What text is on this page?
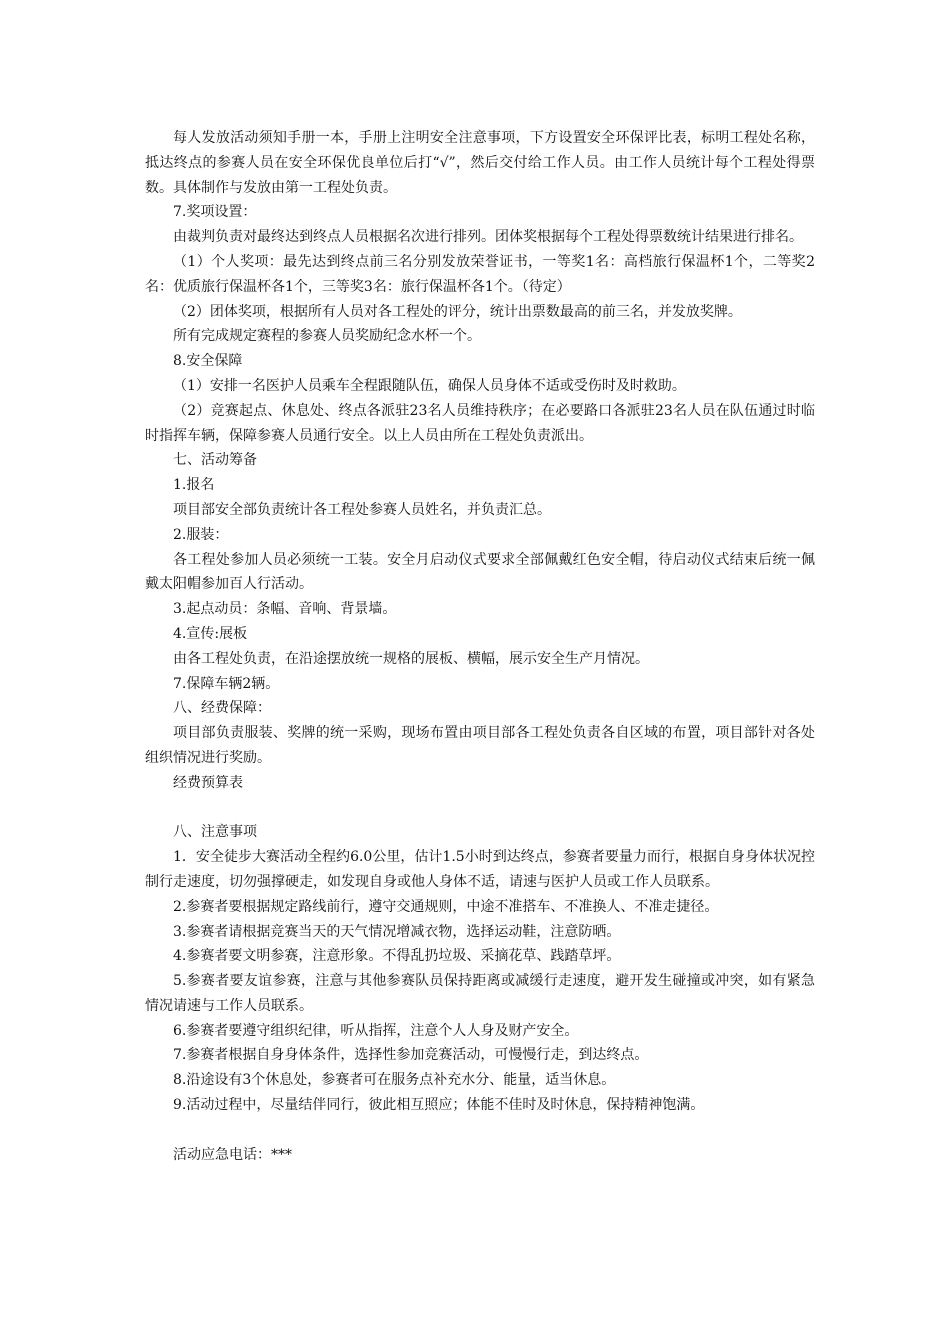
每人发放活动须知手册一本，手册上注明安全注意事项，下方设置安全环保评比表，标明工程处名称，抵达终点的参赛人员在安全环保优良单位后打“√”，然后交付给工作人员。由工作人员统计每个工程处得票数。具体制作与发放由第一工程处负责。

7.奖项设置：

由裁判负责对最终达到终点人员根据名次进行排列。团体奖根据每个工程处得票数统计结果进行排名。

（1）个人奖项：最先达到终点前三名分别发放荣誉证书，一等奖1名：高档旅行保温杯1个，二等奖2名：优质旅行保温杯各1个，三等奖3名：旅行保温杯各1个。（待定）

（2）团体奖项，根据所有人员对各工程处的评分，统计出票数最高的前三名，并发放奖牌。

所有完成规定赛程的参赛人员奖励纪念水杯一个。

8.安全保障

（1）安排一名医护人员乘车全程跟随队伍，确保人员身体不适或受伤时及时救助。

（2）竞赛起点、休息处、终点各派驻23名人员维持秩序；在必要路口各派驻23名人员在队伍通过时临时指挥车辆，保障参赛人员通行安全。以上人员由所在工程处负责派出。

七、活动筹备

1.报名

项目部安全部负责统计各工程处参赛人员姓名，并负责汇总。

2.服装：

各工程处参加人员必须统一工装。安全月启动仪式要求全部佩戴红色安全帽，待启动仪式结束后统一佩戴太阳帽参加百人行活动。

3.起点动员：条幅、音响、背景墙。

4.宣传:展板

由各工程处负责，在沿途摆放统一规格的展板、横幅，展示安全生产月情况。

7.保障车辆2辆。

八、经费保障：

项目部负责服装、奖牌的统一采购，现场布置由项目部各工程处负责各自区域的布置，项目部针对各处组织情况进行奖励。

经费预算表

八、注意事项

1．安全徒步大赛活动全程约6.0公里，估计1.5小时到达终点，参赛者要量力而行，根据自身身体状况控制行走速度，切勿强撑硬走，如发现自身或他人身体不适，请速与医护人员或工作人员联系。

2.参赛者要根据规定路线前行，遵守交通规则，中途不准搭车、不准换人、不准走捷径。

3.参赛者请根据竞赛当天的天气情况增减衣物，选择运动鞋，注意防晒。

4.参赛者要文明参赛，注意形象。不得乱扔垃圾、采摘花草、践踏草坪。

5.参赛者要友谊参赛，注意与其他参赛队员保持距离或减缓行走速度，避开发生碰撞或冲突，如有紧急情况请速与工作人员联系。

6.参赛者要遵守组织纪律，听从指挥，注意个人人身及财产安全。

7.参赛者根据自身身体条件，选择性参加竞赛活动，可慢慢行走，到达终点。

8.沿途设有3个休息处，参赛者可在服务点补充水分、能量，适当休息。

9.活动过程中，尽量结伴同行，彼此相互照应；体能不佳时及时休息，保持精神饱满。

活动应急电话：***
